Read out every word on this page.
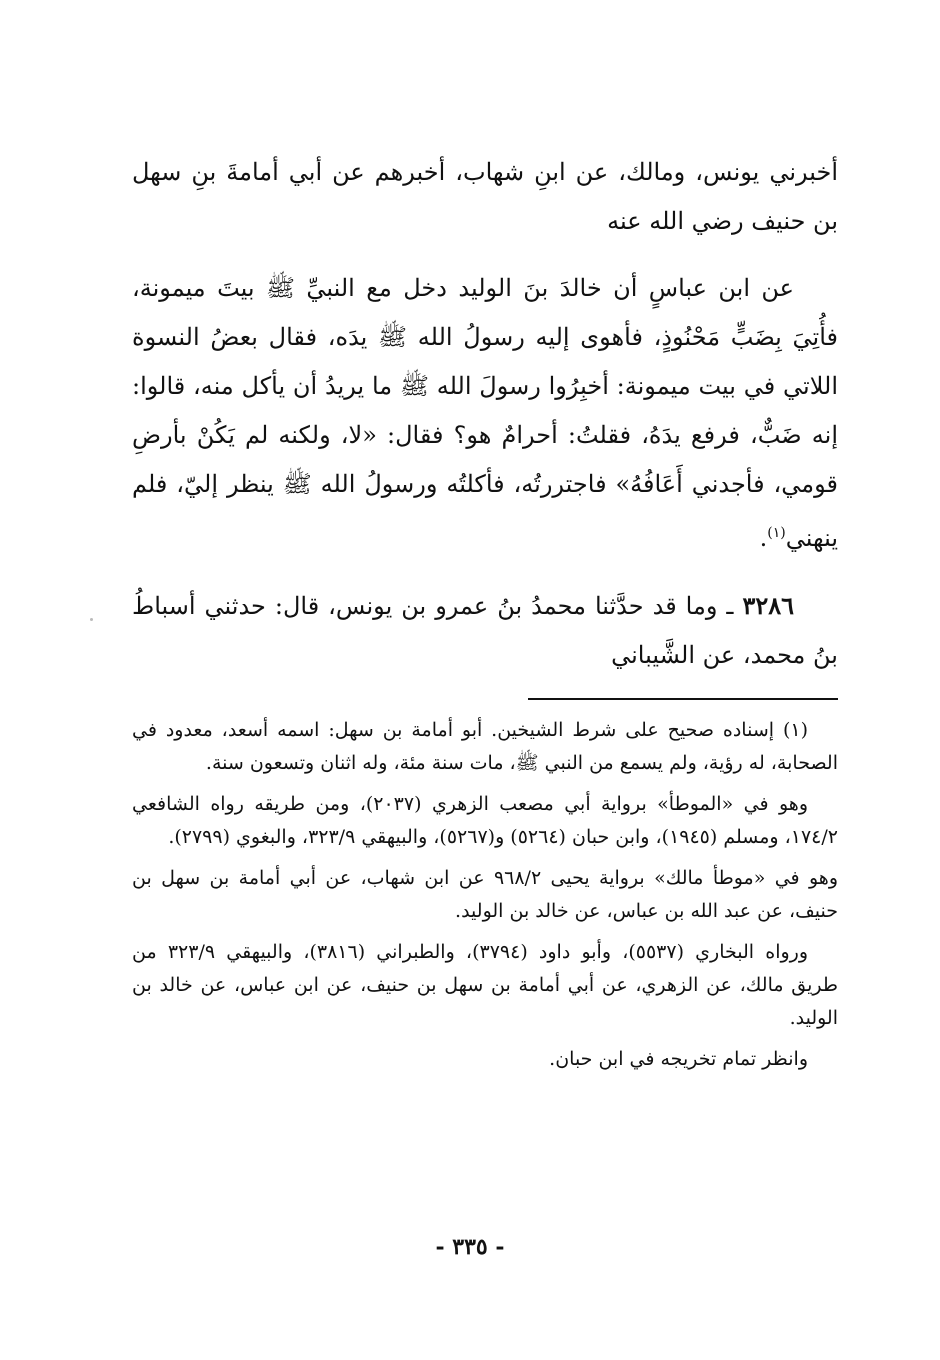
أخبرني يونس، ومالك، عن ابنِ شهاب، أخبرهم عن أبي أمامةَ بنِ سهل بن حنيف رضي الله عنه

عن ابن عباسٍ أن خالدَ بنَ الوليد دخل مع النبيِّ ﷺ بيتَ ميمونة، فأُتِيَ بِضَبٍّ مَحْنُوذٍ، فأهوى إليه رسولُ الله ﷺ يدَه، فقال بعضُ النسوة اللاتي في بيت ميمونة: أخبِرُوا رسولَ الله ﷺ ما يريدُ أن يأكل منه، قالوا: إنه ضَبٌّ، فرفع يدَهُ، فقلتُ: أحرامٌ هو؟ فقال: «لا، ولكنه لم يَكُنْ بأرضِ قومي، فأجدني أَعَافُهُ» فاجتررتُه، فأكلتُه ورسولُ الله ﷺ ينظر إليّ، فلم ينهني$^{(١)}$.

٣٢٨٦ ـ وما قد حدَّثنا محمدُ بنُ عمرو بن يونس، قال: حدثني أسباطُ بنُ محمد، عن الشَّيباني

(١) إسناده صحيح على شرط الشيخين. أبو أمامة بن سهل: اسمه أسعد، معدود في الصحابة، له رؤية، ولم يسمع من النبي ﷺ، مات سنة مئة، وله اثنان وتسعون سنة.

وهو في «الموطأ» برواية أبي مصعب الزهري (٢٠٣٧)، ومن طريقه رواه الشافعي ١٧٤/٢، ومسلم (١٩٤٥)، وابن حبان (٥٢٦٤) و(٥٢٦٧)، والبيهقي ٣٢٣/٩، والبغوي (٢٧٩٩).

وهو في «موطأ مالك» برواية يحيى ٩٦٨/٢ عن ابن شهاب، عن أبي أمامة بن سهل بن حنيف، عن عبد الله بن عباس، عن خالد بن الوليد.

ورواه البخاري (٥٥٣٧)، وأبو داود (٣٧٩٤)، والطبراني (٣٨١٦)، والبيهقي ٣٢٣/٩ من طريق مالك، عن الزهري، عن أبي أمامة بن سهل بن حنيف، عن ابن عباس، عن خالد بن الوليد.

وانظر تمام تخريجه في ابن حبان.

- ٣٣٥ -
